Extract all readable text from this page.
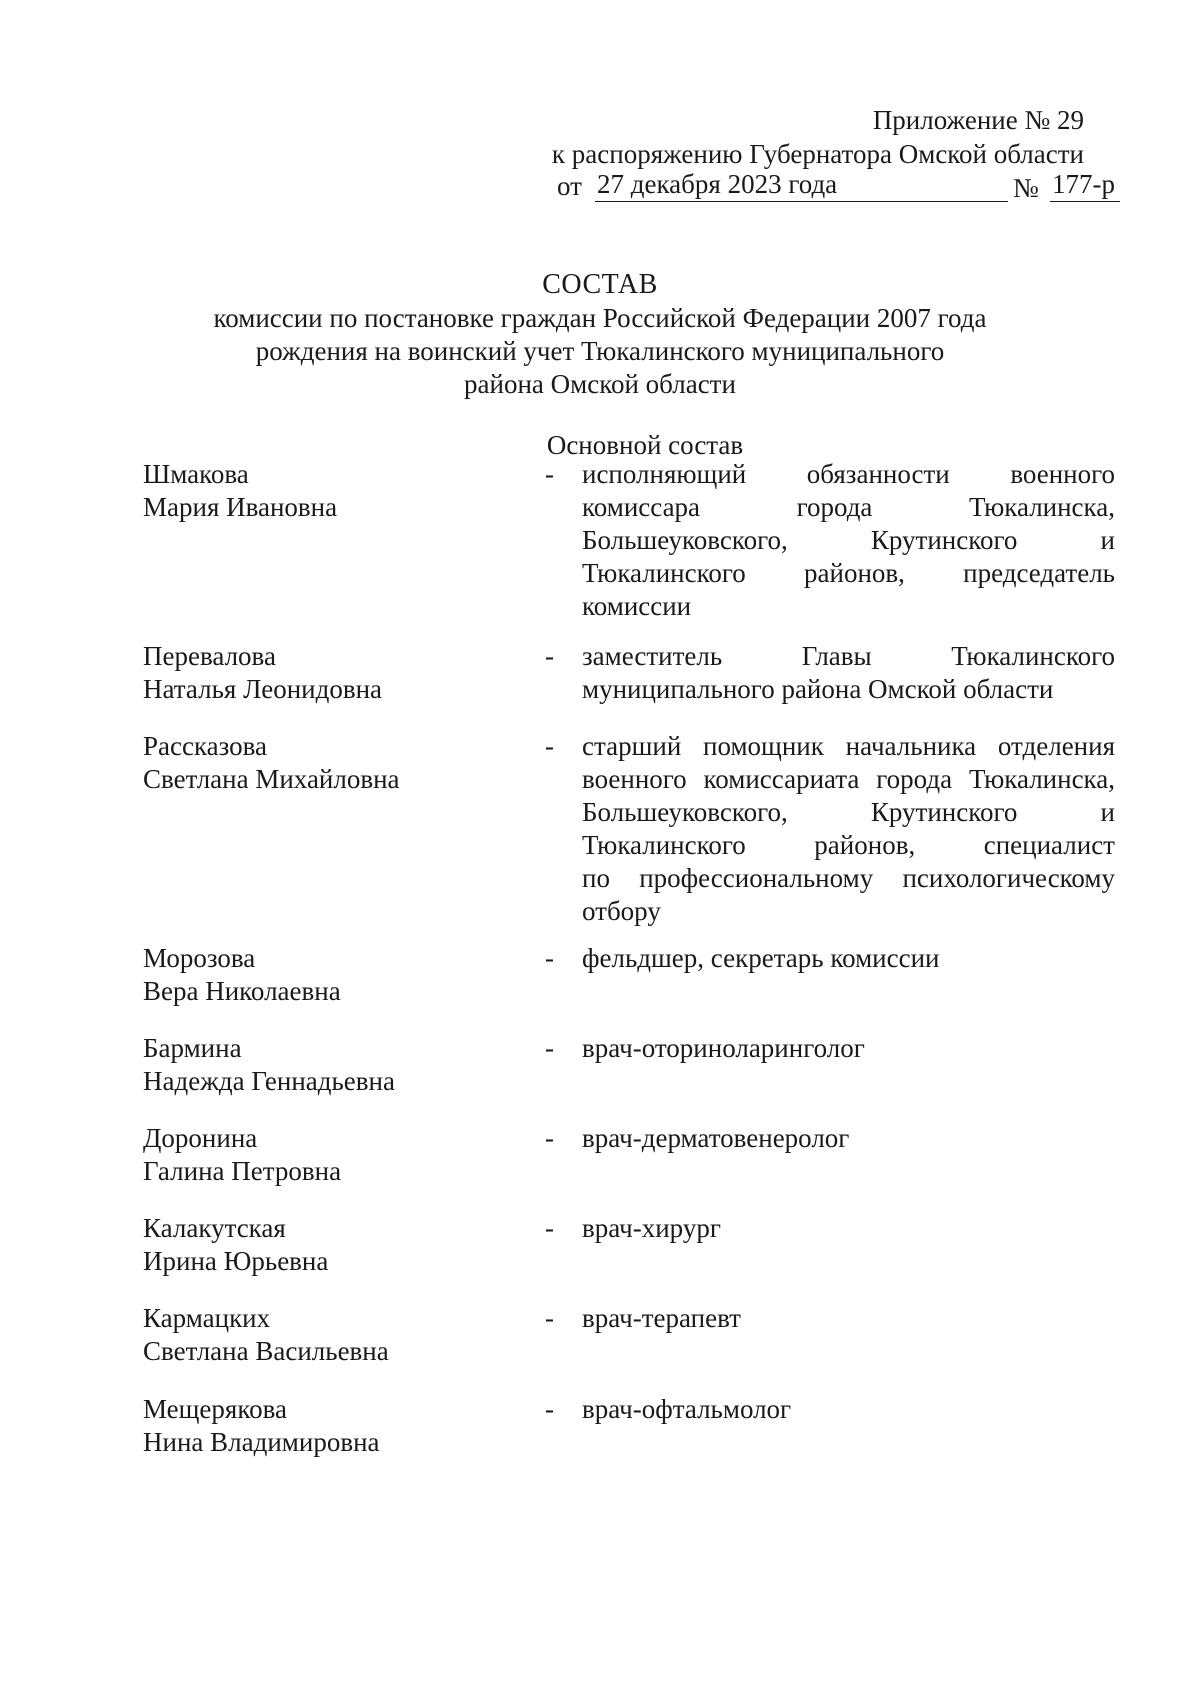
Приложение № 29
к распоряжению Губернатора Омской области
от 27 декабря 2023 года	№ 177-р
СОСТАВ
комиссии по постановке граждан Российской Федерации 2007 года
рождения на воинский учет Тюкалинского муниципального
района Омской области
Основной состав
Шмакова
Мария Ивановна
- исполняющий обязанности военного
комиссара города Тюкалинска,
Большеуковского, Крутинского и
Тюкалинского районов, председатель
комиссии
Перевалова
Наталья Леонидовна
- заместитель Главы Тюкалинского
муниципального района Омской области
Рассказова
Светлана Михайловна
- старший помощник начальника отделения
военного комиссариата города Тюкалинска,
Большеуковского, Крутинского и
Тюкалинского районов, специалист
по профессиональному психологическому
отбору
Морозова
Вера Николаевна
- фельдшер, секретарь комиссии
Бармина
Надежда Геннадьевна
- врач-оториноларинголог
Доронина
Галина Петровна
- врач-дерматовенеролог
Калакутская
Ирина Юрьевна
- врач-хирург
Кармацких
Светлана Васильевна
- врач-терапевт
Мещерякова
Нина Владимировна
- врач-офтальмолог
